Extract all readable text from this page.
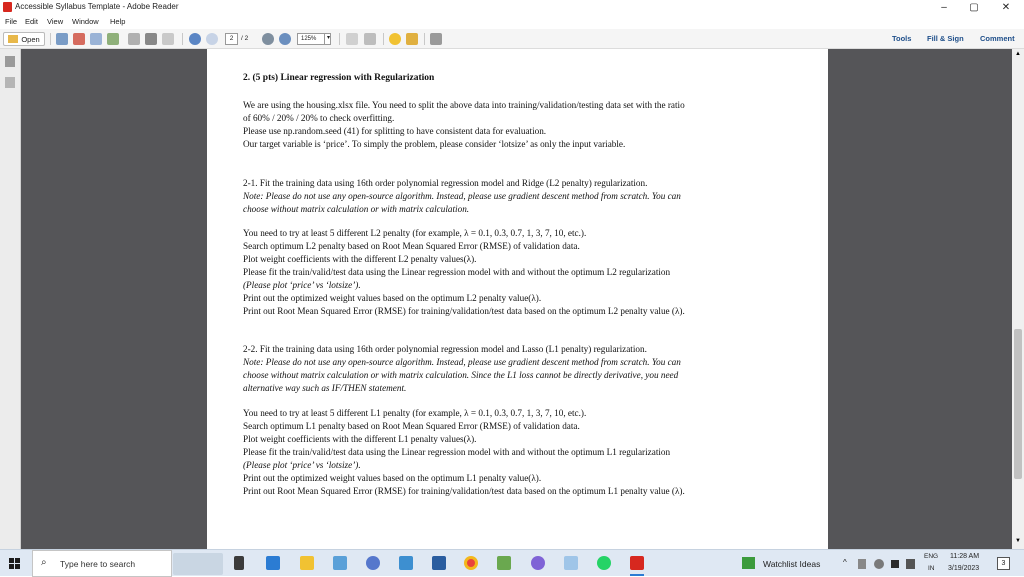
Accessible Syllabus Template - Adobe Reader	–	▢	✕
File Edit View Window Help
Open	2	/ 2	125%	▾	Tools Fill & Sign Comment
▲
▼
2. (5 pts) Linear regression with Regularization
We are using the housing.xlsx file. You need to split the above data into training/validation/testing data set with the ratio
of 60% / 20% / 20% to check overfitting.
Please use np.random.seed (41) for splitting to have consistent data for evaluation.
Our target variable is ‘price’. To simply the problem, please consider ‘lotsize’ as only the input variable.
2-1. Fit the training data using 16th order polynomial regression model and Ridge (L2 penalty) regularization.
Note: Please do not use any open-source algorithm. Instead, please use gradient descent method from scratch. You can
choose without matrix calculation or with matrix calculation.
You need to try at least 5 different L2 penalty (for example, λ = 0.1, 0.3, 0.7, 1, 3, 7, 10, etc.).
Search optimum L2 penalty based on Root Mean Squared Error (RMSE) of validation data.
Plot weight coefficients with the different L2 penalty values(λ).
Please fit the train/valid/test data using the Linear regression model with and without the optimum L2 regularization
(Please plot ‘price’ vs ‘lotsize’).
Print out the optimized weight values based on the optimum L2 penalty value(λ).
Print out Root Mean Squared Error (RMSE) for training/validation/test data based on the optimum L2 penalty value (λ).
2-2. Fit the training data using 16th order polynomial regression model and Lasso (L1 penalty) regularization.
Note: Please do not use any open-source algorithm. Instead, please use gradient descent method from scratch. You can
choose without matrix calculation or with matrix calculation. Since the L1 loss cannot be directly derivative, you need
alternative way such as IF/THEN statement.
You need to try at least 5 different L1 penalty (for example, λ = 0.1, 0.3, 0.7, 1, 3, 7, 10, etc.).
Search optimum L1 penalty based on Root Mean Squared Error (RMSE) of validation data.
Plot weight coefficients with the different L1 penalty values(λ).
Please fit the train/valid/test data using the Linear regression model with and without the optimum L1 regularization
(Please plot ‘price’ vs ‘lotsize’).
Print out the optimized weight values based on the optimum L1 penalty value(λ).
Print out Root Mean Squared Error (RMSE) for training/validation/test data based on the optimum L1 penalty value (λ).
⌕ Type here to search	Watchlist Ideas	^
ENG
IN
11:28 AM
3/19/2023
3
